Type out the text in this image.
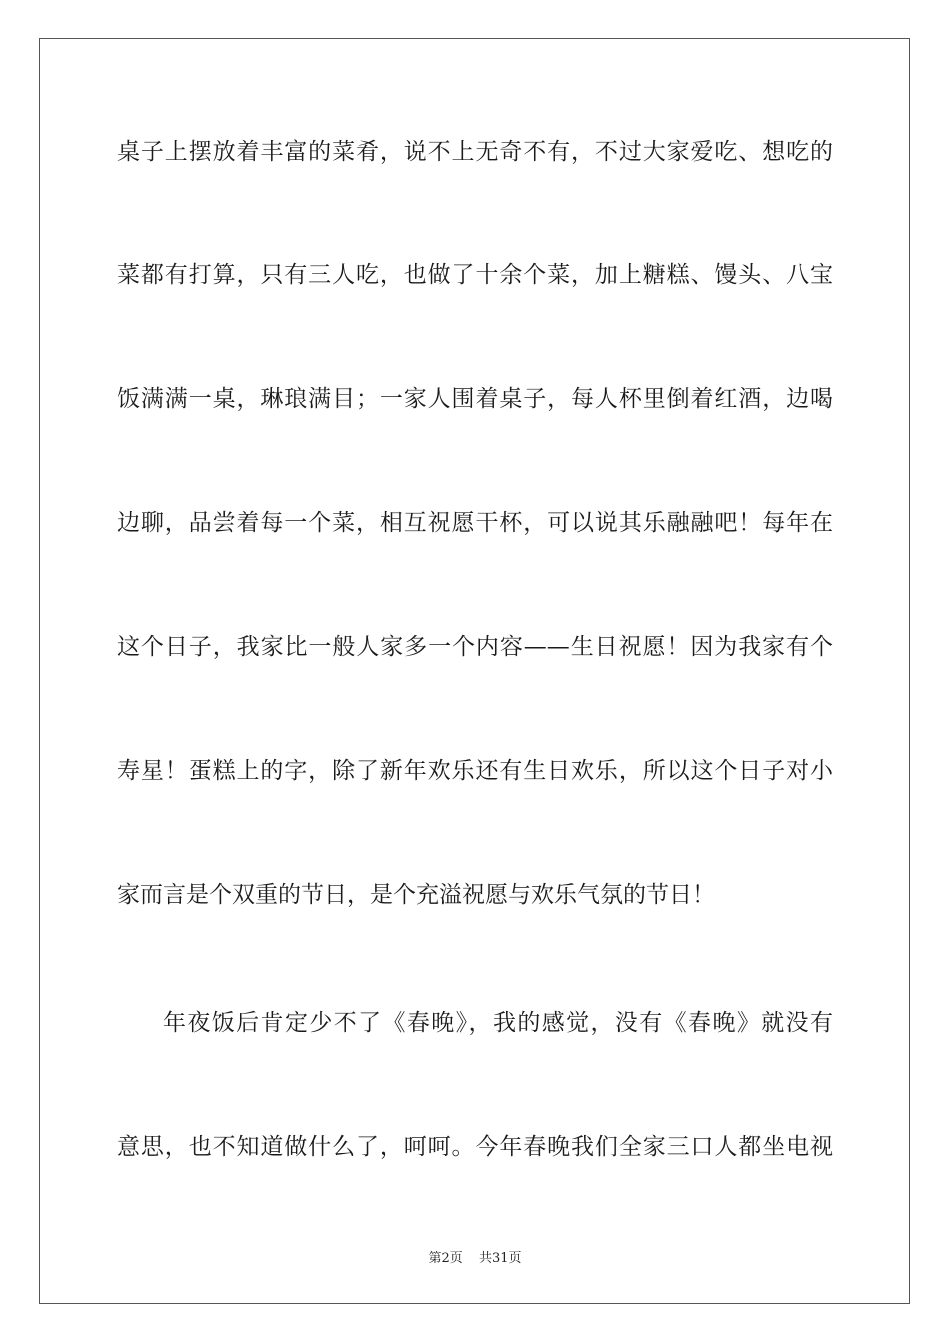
桌子上摆放着丰富的菜肴，说不上无奇不有，不过大家爱吃、想吃的
菜都有打算，只有三人吃，也做了十余个菜，加上糖糕、馒头、八宝
饭满满一桌，琳琅满目；一家人围着桌子，每人杯里倒着红酒，边喝
边聊，品尝着每一个菜，相互祝愿干杯，可以说其乐融融吧！每年在
这个日子，我家比一般人家多一个内容——生日祝愿！因为我家有个
寿星！蛋糕上的字，除了新年欢乐还有生日欢乐，所以这个日子对小
家而言是个双重的节日，是个充溢祝愿与欢乐气氛的节日！
年夜饭后肯定少不了《春晚》，我的感觉，没有《春晚》就没有
意思，也不知道做什么了，呵呵。今年春晚我们全家三口人都坐电视
第2页 共31页
